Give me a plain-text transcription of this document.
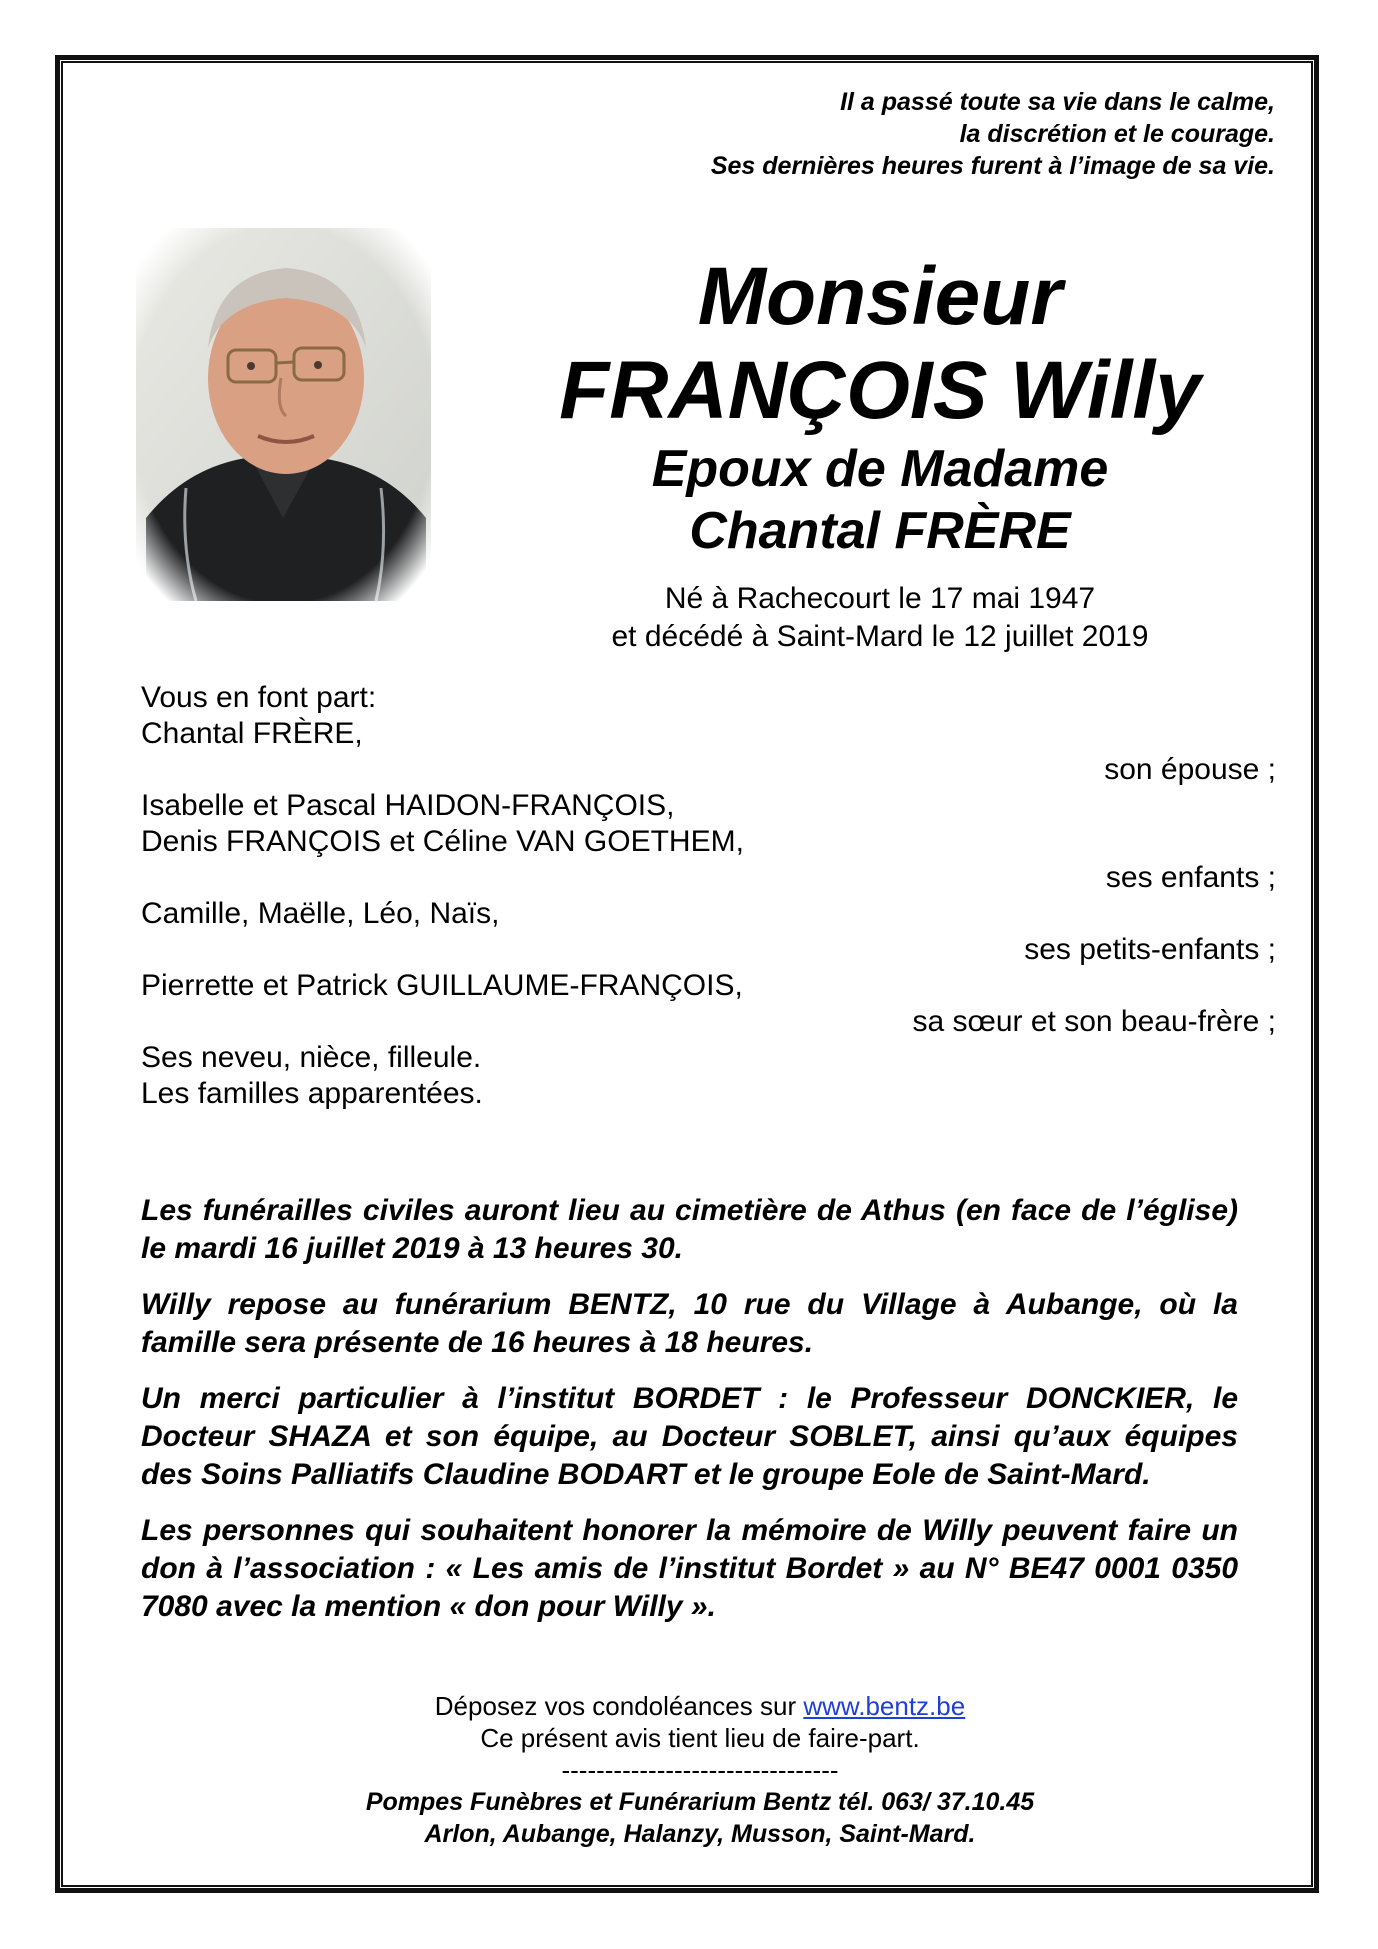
Il a passé toute sa vie dans le calme,
la discrétion et le courage.
Ses dernières heures furent à l’image de sa vie.
Monsieur
FRANÇOIS Willy
Epoux de Madame
Chantal FRÈRE
Né à Rachecourt le 17 mai 1947
et décédé à Saint-Mard le 12 juillet 2019
Vous en font part:
Chantal FRÈRE,
son épouse ;
Isabelle et Pascal HAIDON-FRANÇOIS,
Denis FRANÇOIS et Céline VAN GOETHEM,
ses enfants ;
Camille, Maëlle, Léo, Naïs,
ses petits-enfants ;
Pierrette et Patrick GUILLAUME-FRANÇOIS,
sa sœur et son beau-frère ;
Ses neveu, nièce, filleule.
Les familles apparentées.
Les funérailles civiles auront lieu au cimetière de Athus (en face de l’église) le mardi 16 juillet 2019 à 13 heures 30.
Willy repose au funérarium BENTZ, 10 rue du Village à Aubange, où la famille sera présente de 16 heures à 18 heures.
Un merci particulier à l’institut BORDET : le Professeur DONCKIER, le Docteur SHAZA et son équipe, au Docteur SOBLET, ainsi qu’aux équipes des Soins Palliatifs Claudine BODART et le groupe Eole de Saint-Mard.
Les personnes qui souhaitent honorer la mémoire de Willy peuvent faire un don à l’association : « Les amis de l’institut Bordet » au N° BE47 0001 0350 7080 avec la mention « don pour Willy ».
Déposez vos condoléances sur www.bentz.be
Ce présent avis tient lieu de faire-part.
--------------------------------
Pompes Funèbres et Funérarium Bentz tél. 063/ 37.10.45
Arlon, Aubange, Halanzy, Musson, Saint-Mard.
